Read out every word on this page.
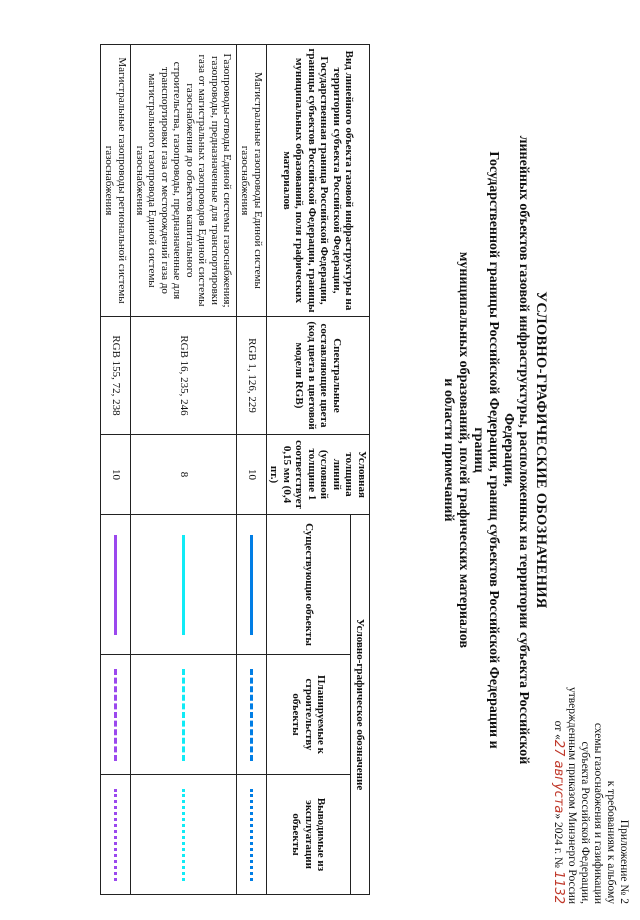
Приложение № 2
к требованиям к альбому
схемы газоснабжения и газификации
субъекта Российской Федерации,
утвержденным приказом Минэнерго России
от «27 августа» 2024 г. № 1132
УСЛОВНО-ГРАФИЧЕСКИЕ ОБОЗНАЧЕНИЯ
линейных объектов газовой инфраструктуры, расположенных на территории субъекта Российской Федерации,
Государственной границы Российской Федерации, границ субъектов Российской Федерации и границ
муниципальных образований, полей графических материалов
и области примечаний
Вид линейного объекта газовой инфраструктуры на территории субъекта Российской Федерации, Государственная граница Российской Федерации, границы субъектов Российской Федерации, границы муниципальных образований, поля графических материалов	Спектральные составляющие цвета (код цвета в цветовой модели RGB)	Условная толщина линий (условной толщине 1 соответствует 0,15 мм (0,4 пт.)	Условно-графическое обозначение		
			Существующие объекты	Планируемые к строительству объекты	Выводимые из эксплуатации объекты
Магистральные газопроводы Единой системы газоснабжения	RGB 1, 126, 229	10	

Газопроводы-отводы Единой системы газоснабжения; газопроводы, предназначенные для транспортировки газа от магистральных газопроводов Единой системы газоснабжения до объектов капитального строительства, газопроводы, предназначенные для транспортировки газа от месторождений газа до магистрального газопровода Единой системы газоснабжения	RGB 16, 235, 246	8	

Магистральные газопроводы региональной системы газоснабжения	RGB 155, 72, 238	10	
